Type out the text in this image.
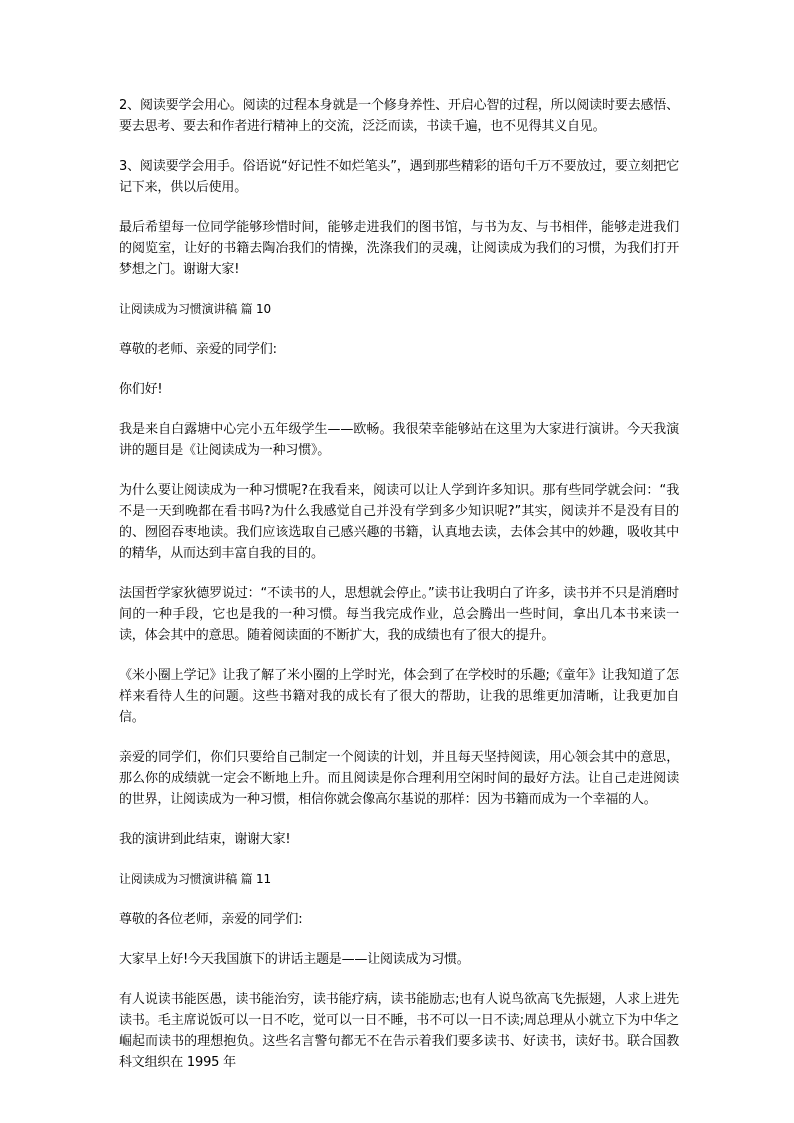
2、阅读要学会用心。阅读的过程本身就是一个修身养性、开启心智的过程，所以阅读时要去感悟、要去思考、要去和作者进行精神上的交流，泛泛而读，书读千遍，也不见得其义自见。

3、阅读要学会用手。俗语说“好记性不如烂笔头”，遇到那些精彩的语句千万不要放过，要立刻把它记下来，供以后使用。

最后希望每一位同学能够珍惜时间，能够走进我们的图书馆，与书为友、与书相伴，能够走进我们的阅览室，让好的书籍去陶冶我们的情操，洗涤我们的灵魂，让阅读成为我们的习惯，为我们打开梦想之门。谢谢大家!

让阅读成为习惯演讲稿 篇 10

尊敬的老师、亲爱的同学们:

你们好!

我是来自白露塘中心完小五年级学生——欧畅。我很荣幸能够站在这里为大家进行演讲。今天我演讲的题目是《让阅读成为一种习惯》。

为什么要让阅读成为一种习惯呢?在我看来，阅读可以让人学到许多知识。那有些同学就会问：“我不是一天到晚都在看书吗?为什么我感觉自己并没有学到多少知识呢?”其实，阅读并不是没有目的的、囫囵吞枣地读。我们应该选取自己感兴趣的书籍，认真地去读，去体会其中的妙趣，吸收其中的精华，从而达到丰富自我的目的。

法国哲学家狄德罗说过：“不读书的人，思想就会停止。”读书让我明白了许多，读书并不只是消磨时间的一种手段，它也是我的一种习惯。每当我完成作业，总会腾出一些时间，拿出几本书来读一读，体会其中的意思。随着阅读面的不断扩大，我的成绩也有了很大的提升。

《米小圈上学记》让我了解了米小圈的上学时光，体会到了在学校时的乐趣;《童年》让我知道了怎样来看待人生的问题。这些书籍对我的成长有了很大的帮助，让我的思维更加清晰，让我更加自信。

亲爱的同学们，你们只要给自己制定一个阅读的计划，并且每天坚持阅读，用心领会其中的意思，那么你的成绩就一定会不断地上升。而且阅读是你合理利用空闲时间的最好方法。让自己走进阅读的世界，让阅读成为一种习惯，相信你就会像高尔基说的那样：因为书籍而成为一个幸福的人。

我的演讲到此结束，谢谢大家!

让阅读成为习惯演讲稿 篇 11

尊敬的各位老师，亲爱的同学们:

大家早上好!今天我国旗下的讲话主题是——让阅读成为习惯。

有人说读书能医愚，读书能治穷，读书能疗病，读书能励志;也有人说鸟欲高飞先振翅，人求上进先读书。毛主席说饭可以一日不吃，觉可以一日不睡，书不可以一日不读;周总理从小就立下为中华之崛起而读书的理想抱负。这些名言警句都无不在告示着我们要多读书、好读书，读好书。联合国教科文组织在 1995 年
